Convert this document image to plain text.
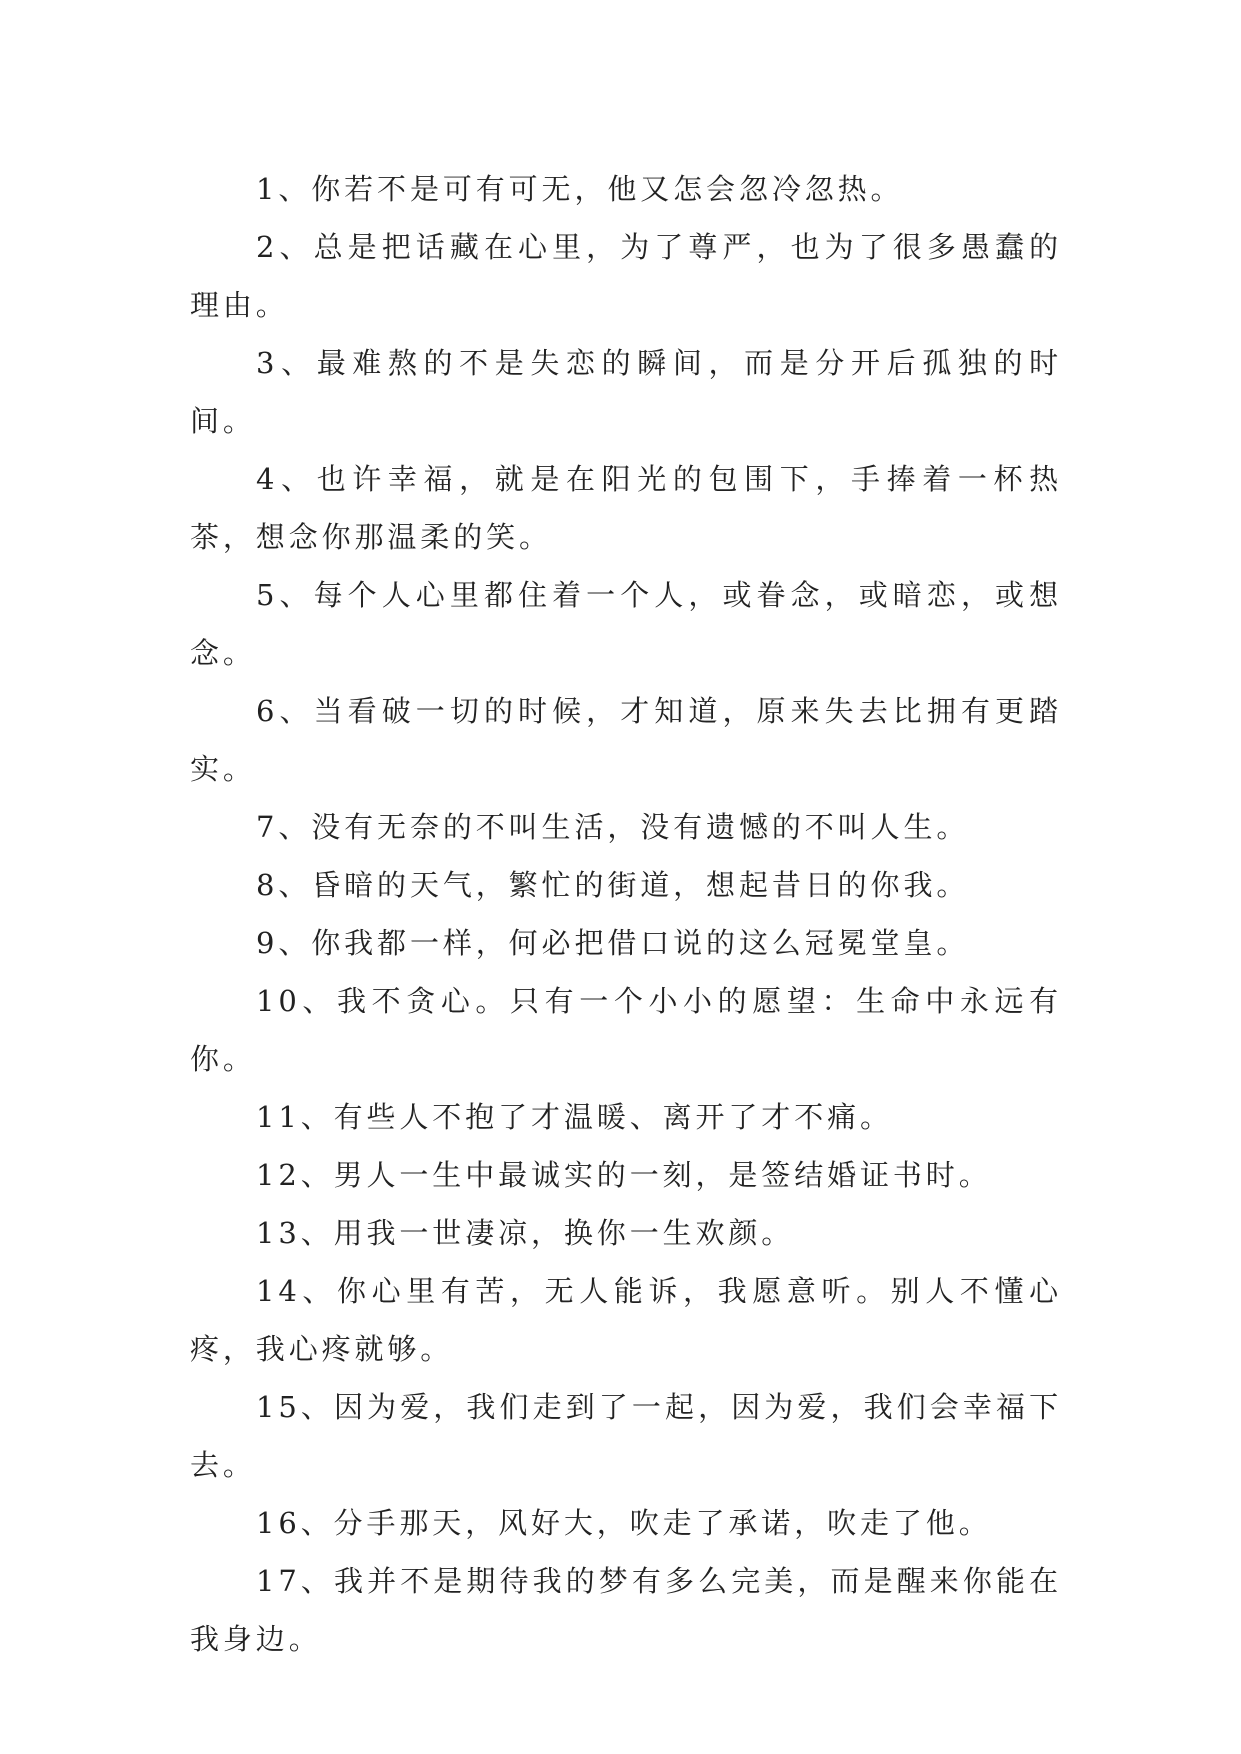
1、你若不是可有可无，他又怎会忽冷忽热。

2、总是把话藏在心里，为了尊严，也为了很多愚蠢的理由。

3、最难熬的不是失恋的瞬间，而是分开后孤独的时间。

4、也许幸福，就是在阳光的包围下，手捧着一杯热茶，想念你那温柔的笑。

5、每个人心里都住着一个人，或眷念，或暗恋，或想念。

6、当看破一切的时候，才知道，原来失去比拥有更踏实。

7、没有无奈的不叫生活，没有遗憾的不叫人生。

8、昏暗的天气，繁忙的街道，想起昔日的你我。

9、你我都一样，何必把借口说的这么冠冕堂皇。

10、我不贪心。只有一个小小的愿望：生命中永远有你。

11、有些人不抱了才温暖、离开了才不痛。

12、男人一生中最诚实的一刻，是签结婚证书时。

13、用我一世凄凉，换你一生欢颜。

14、你心里有苦，无人能诉，我愿意听。别人不懂心疼，我心疼就够。

15、因为爱，我们走到了一起，因为爱，我们会幸福下去。

16、分手那天，风好大，吹走了承诺，吹走了他。

17、我并不是期待我的梦有多么完美，而是醒来你能在我身边。
